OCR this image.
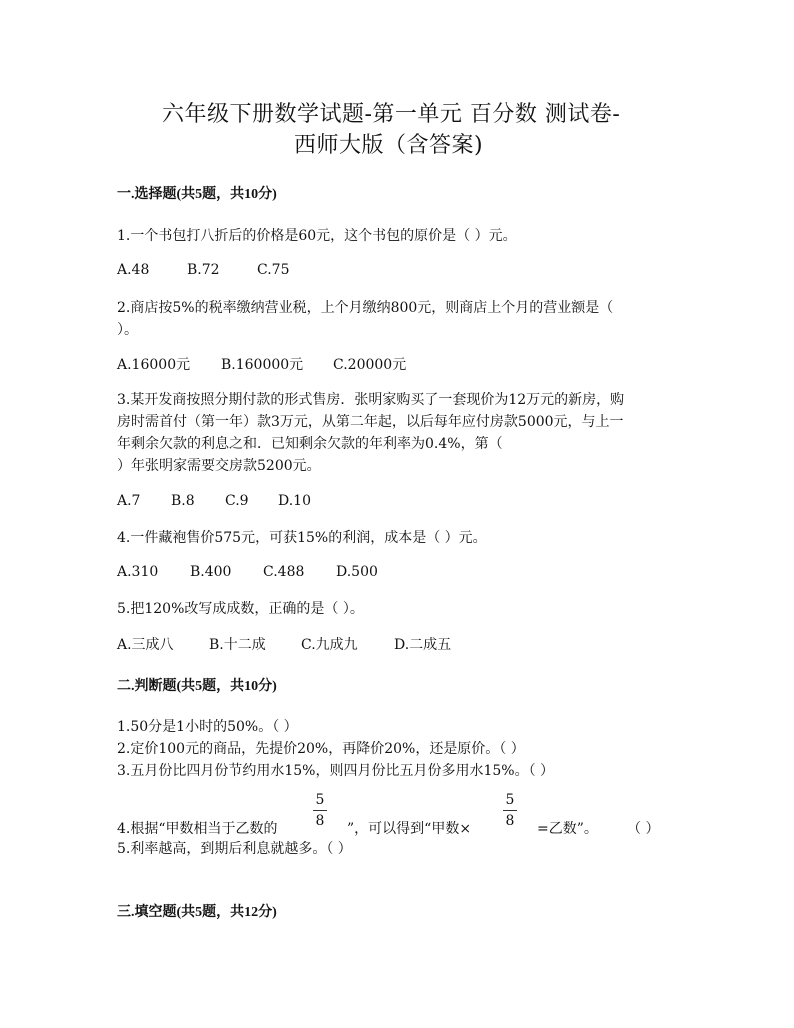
六年级下册数学试题-第一单元 百分数 测试卷-
西师大版（含答案)
一.选择题(共5题，共10分)
1.一个书包打八折后的价格是60元，这个书包的原价是（ ）元。
A.48	B.72	C.75
2.商店按5%的税率缴纳营业税，上个月缴纳800元，则商店上个月的营业额是（
）。
A.16000元 B.160000元 C.20000元
3.某开发商按照分期付款的形式售房．张明家购买了一套现价为12万元的新房，购
房时需首付（第一年）款3万元，从第二年起，以后每年应付房款5000元，与上一
年剩余欠款的利息之和．已知剩余欠款的年利率为0.4%，第（
）年张明家需要交房款5200元。
A.7 B.8 C.9 D.10
4.一件藏袍售价575元，可获15%的利润，成本是（ ）元。
A.310 B.400 C.488 D.500
5.把120%改写成成数，正确的是（ ）。
A.三成八	B.十二成	C.九成九	D.二成五
二.判断题(共5题，共10分)
1.50分是1小时的50%。（ ）
2.定价100元的商品，先提价20%，再降价20%，还是原价。（ ）
3.五月份比四月份节约用水15%，则四月份比五月份多用水15%。（ ）
4.根据“甲数相当于乙数的
5
8 ”，可以得到“甲数×
5
8 =乙数”。 （ ）
5.利率越高，到期后利息就越多。（ ）
三.填空题(共5题，共12分)
